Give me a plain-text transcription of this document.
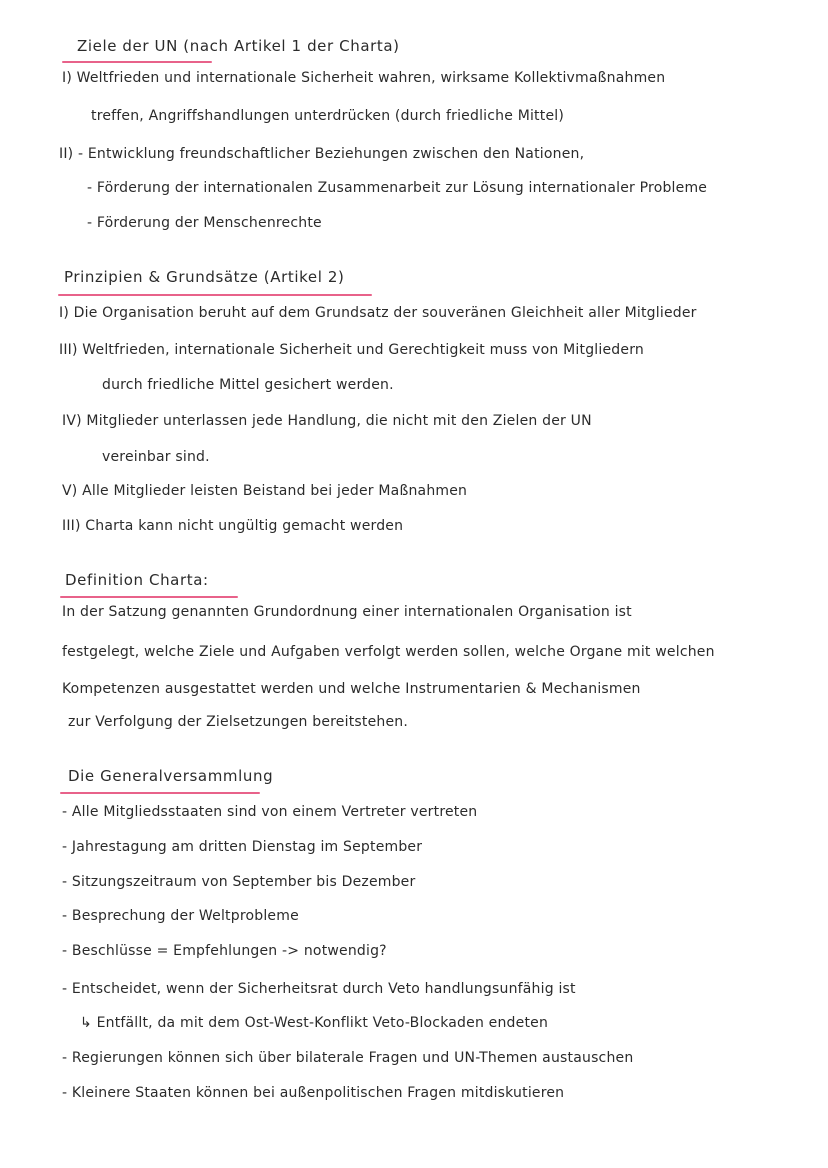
Ziele der UN (nach Artikel 1 der Charta)
I) Weltfrieden und internationale Sicherheit wahren, wirksame Kollektivmaßnahmen
treffen, Angriffshandlungen unterdrücken (durch friedliche Mittel)
II) - Entwicklung freundschaftlicher Beziehungen zwischen den Nationen,
- Förderung der internationalen Zusammenarbeit zur Lösung internationaler Probleme
- Förderung der Menschenrechte
Prinzipien & Grundsätze (Artikel 2)
I) Die Organisation beruht auf dem Grundsatz der souveränen Gleichheit aller Mitglieder
III) Weltfrieden, internationale Sicherheit und Gerechtigkeit muss von Mitgliedern
durch friedliche Mittel gesichert werden.
IV) Mitglieder unterlassen jede Handlung, die nicht mit den Zielen der UN
vereinbar sind.
V) Alle Mitglieder leisten Beistand bei jeder Maßnahmen
III) Charta kann nicht ungültig gemacht werden
Definition Charta:
In der Satzung genannten Grundordnung einer internationalen Organisation ist
festgelegt, welche Ziele und Aufgaben verfolgt werden sollen, welche Organe mit welchen
Kompetenzen ausgestattet werden und welche Instrumentarien & Mechanismen
zur Verfolgung der Zielsetzungen bereitstehen.
Die Generalversammlung
- Alle Mitgliedsstaaten sind von einem Vertreter vertreten
- Jahrestagung am dritten Dienstag im September
- Sitzungszeitraum von September bis Dezember
- Besprechung der Weltprobleme
- Beschlüsse = Empfehlungen -> notwendig?
- Entscheidet, wenn der Sicherheitsrat durch Veto handlungsunfähig ist
↳ Entfällt, da mit dem Ost-West-Konflikt Veto-Blockaden endeten
- Regierungen können sich über bilaterale Fragen und UN-Themen austauschen
- Kleinere Staaten können bei außenpolitischen Fragen mitdiskutieren
